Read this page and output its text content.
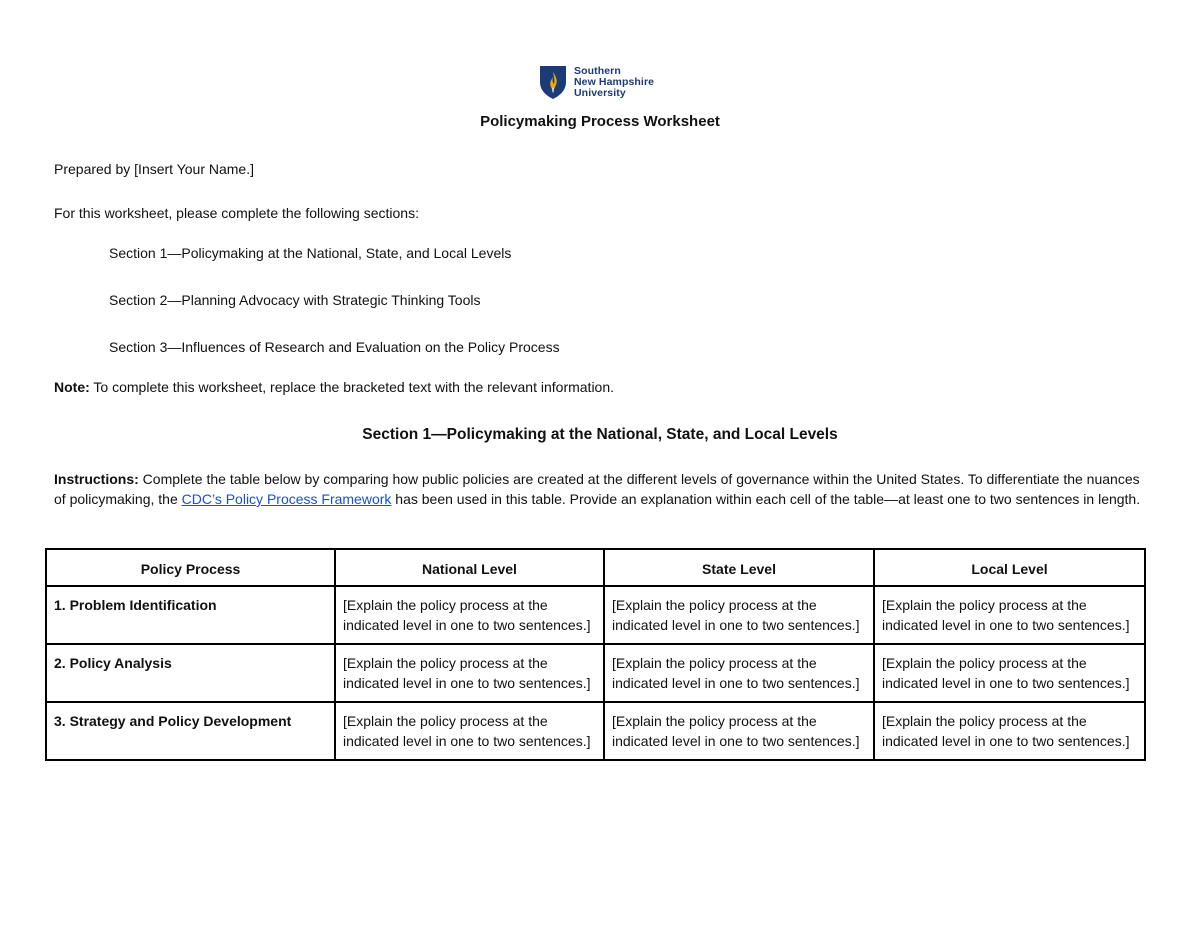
Southern
New Hampshire
University
Policymaking Process Worksheet
Prepared by [Insert Your Name.]
For this worksheet, please complete the following sections:
Section 1—Policymaking at the National, State, and Local Levels
Section 2—Planning Advocacy with Strategic Thinking Tools
Section 3—Influences of Research and Evaluation on the Policy Process
Note: To complete this worksheet, replace the bracketed text with the relevant information.
Section 1—Policymaking at the National, State, and Local Levels
Instructions: Complete the table below by comparing how public policies are created at the different levels of governance within the United States. To differentiate the nuances of policymaking, the CDC’s Policy Process Framework has been used in this table. Provide an explanation within each cell of the table—at least one to two sentences in length.
Policy Process	National Level	State Level	Local Level
1. Problem Identification	[Explain the policy process at the indicated level in one to two sentences.]	[Explain the policy process at the indicated level in one to two sentences.]	[Explain the policy process at the indicated level in one to two sentences.]
2. Policy Analysis	[Explain the policy process at the indicated level in one to two sentences.]	[Explain the policy process at the indicated level in one to two sentences.]	[Explain the policy process at the indicated level in one to two sentences.]
3. Strategy and Policy Development	[Explain the policy process at the indicated level in one to two sentences.]	[Explain the policy process at the indicated level in one to two sentences.]	[Explain the policy process at the indicated level in one to two sentences.]
